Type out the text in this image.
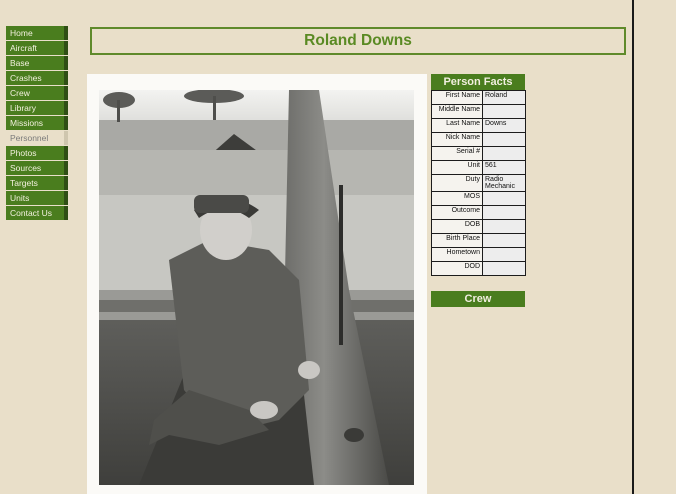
Home
Aircraft
Base
Crashes
Crew
Library
Missions
Personnel
Photos
Sources
Targets
Units
Contact Us
Roland Downs
Person Facts
First Name	Roland
Middle Name	
Last Name	Downs
Nick Name	
Serial #	
Unit	561
Duty	Radio Mechanic
MOS	
Outcome	
DOB	
Birth Place	
Hometown	
DOD	
Crew
